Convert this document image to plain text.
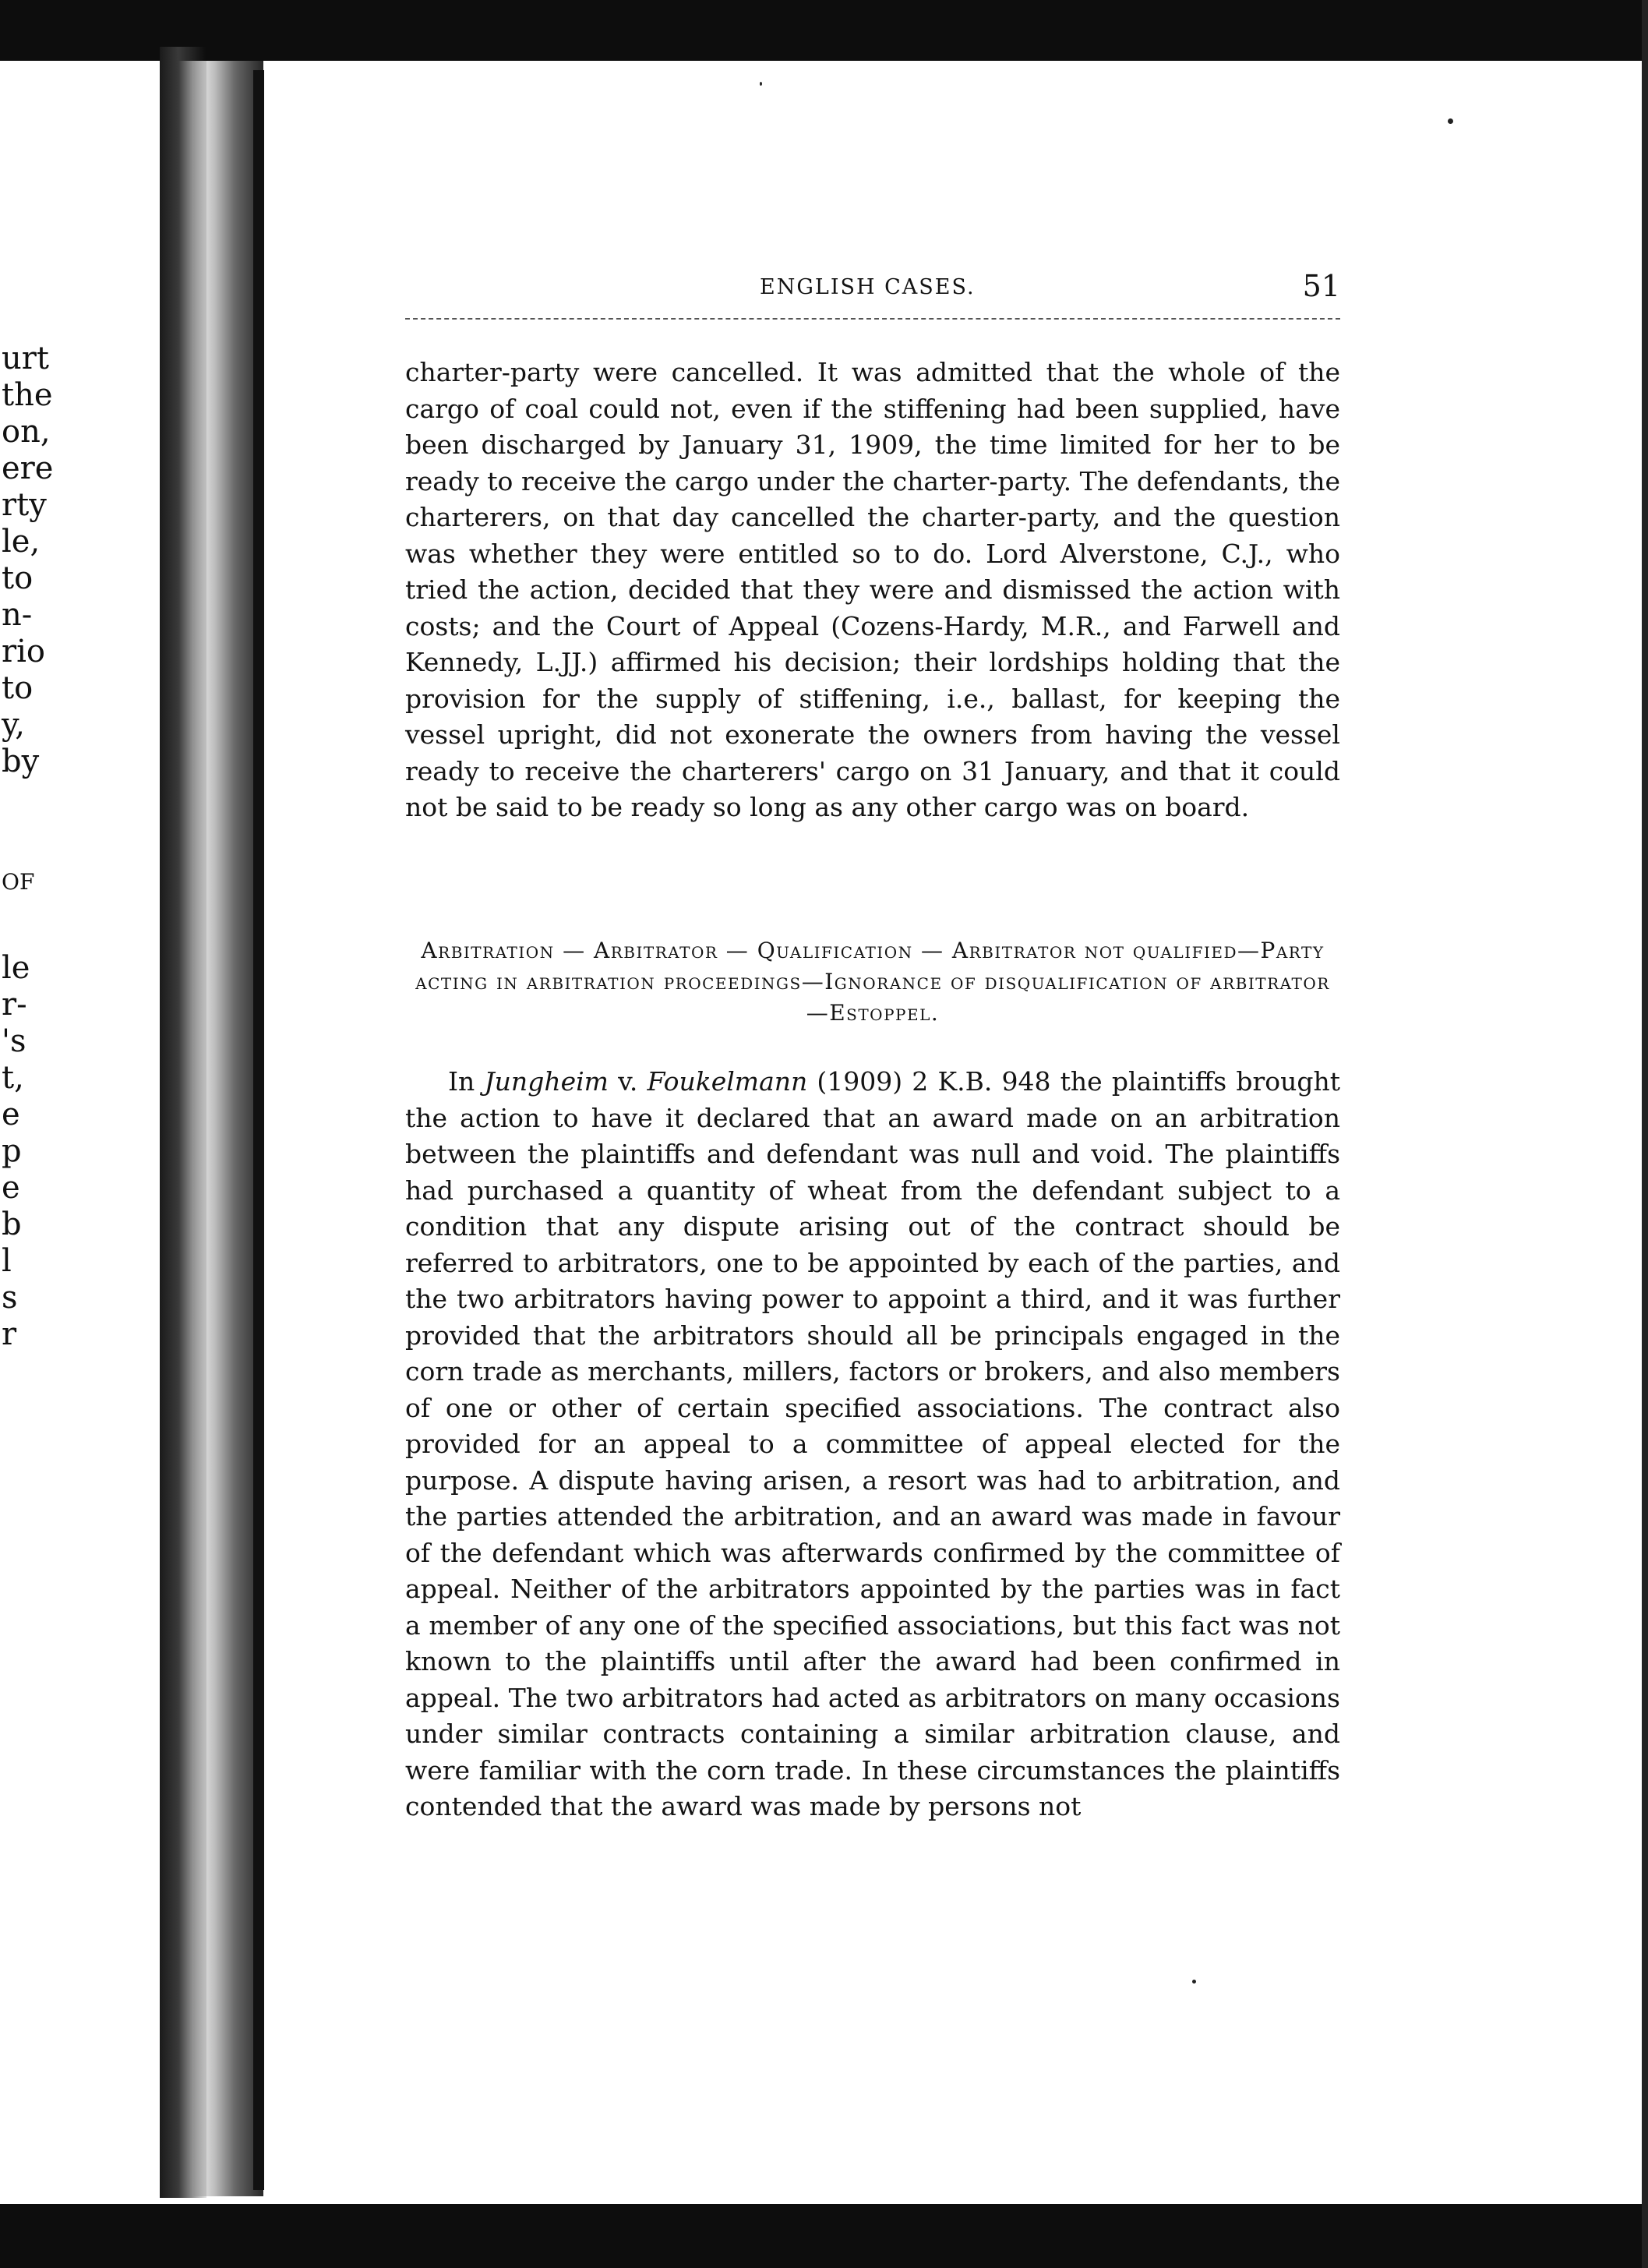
urt
the
on,
ere
rty
le,
to
n-
rio
to
y,
by
OF
le
r-
's
t,
e
p
e
b
l
s
r
ENGLISH CASES.	51

charter-party were cancelled. It was admitted that the whole of the cargo of coal could not, even if the stiffening had been supplied, have been discharged by January 31, 1909, the time limited for her to be ready to receive the cargo under the charter-party. The defendants, the charterers, on that day cancelled the charter-party, and the question was whether they were entitled so to do. Lord Alverstone, C.J., who tried the action, decided that they were and dismissed the action with costs; and the Court of Appeal (Cozens-Hardy, M.R., and Farwell and Kennedy, L.JJ.) affirmed his decision; their lordships holding that the provision for the supply of stiffening, i.e., ballast, for keeping the vessel upright, did not exonerate the owners from having the vessel ready to receive the charterers' cargo on 31 January, and that it could not be said to be ready so long as any other cargo was on board.

Arbitration — Arbitrator — Qualification — Arbitrator not qualified—Party acting in arbitration proceedings—Ignorance of disqualification of arbitrator—Estoppel.

In Jungheim v. Foukelmann (1909) 2 K.B. 948 the plaintiffs brought the action to have it declared that an award made on an arbitration between the plaintiffs and defendant was null and void. The plaintiffs had purchased a quantity of wheat from the defendant subject to a condition that any dispute arising out of the contract should be referred to arbitrators, one to be appointed by each of the parties, and the two arbitrators having power to appoint a third, and it was further provided that the arbitrators should all be principals engaged in the corn trade as merchants, millers, factors or brokers, and also members of one or other of certain specified associations. The contract also provided for an appeal to a committee of appeal elected for the purpose. A dispute having arisen, a resort was had to arbitration, and the parties attended the arbitration, and an award was made in favour of the defendant which was afterwards confirmed by the committee of appeal. Neither of the arbitrators appointed by the parties was in fact a member of any one of the specified associations, but this fact was not known to the plaintiffs until after the award had been confirmed in appeal. The two arbitrators had acted as arbitrators on many occasions under similar contracts containing a similar arbitration clause, and were familiar with the corn trade. In these circumstances the plaintiffs contended that the award was made by persons not
